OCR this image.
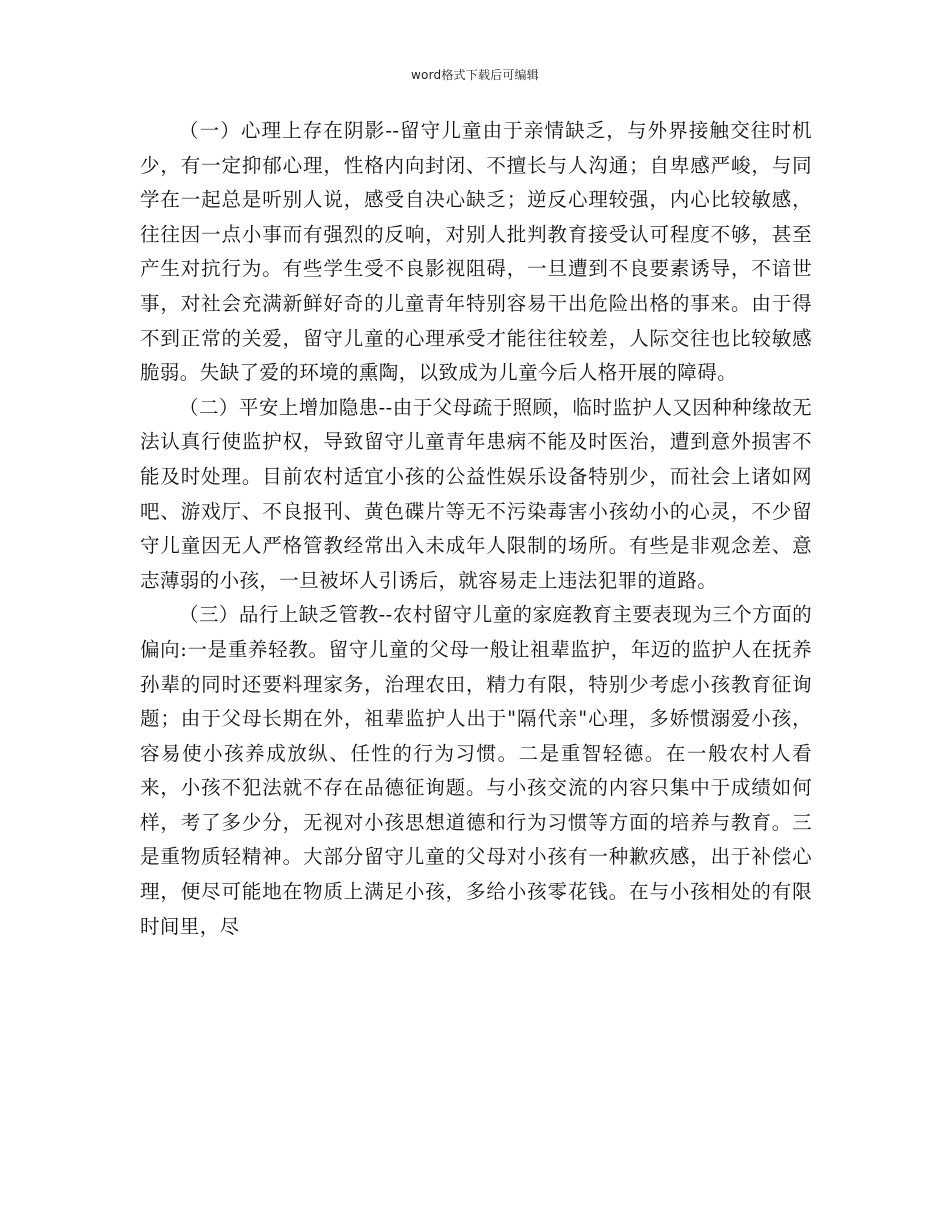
word格式下载后可编辑

（一）心理上存在阴影--留守儿童由于亲情缺乏，与外界接触交往时机少，有一定抑郁心理，性格内向封闭、不擅长与人沟通；自卑感严峻，与同学在一起总是听别人说，感受自决心缺乏；逆反心理较强，内心比较敏感，往往因一点小事而有强烈的反响，对别人批判教育接受认可程度不够，甚至产生对抗行为。有些学生受不良影视阻碍，一旦遭到不良要素诱导，不谙世事，对社会充满新鲜好奇的儿童青年特别容易干出危险出格的事来。由于得不到正常的关爱，留守儿童的心理承受才能往往较差，人际交往也比较敏感脆弱。失缺了爱的环境的熏陶，以致成为儿童今后人格开展的障碍。

（二）平安上增加隐患--由于父母疏于照顾，临时监护人又因种种缘故无法认真行使监护权，导致留守儿童青年患病不能及时医治，遭到意外损害不能及时处理。目前农村适宜小孩的公益性娱乐设备特别少，而社会上诸如网吧、游戏厅、不良报刊、黄色碟片等无不污染毒害小孩幼小的心灵，不少留守儿童因无人严格管教经常出入未成年人限制的场所。有些是非观念差、意志薄弱的小孩，一旦被坏人引诱后，就容易走上违法犯罪的道路。

（三）品行上缺乏管教--农村留守儿童的家庭教育主要表现为三个方面的偏向:一是重养轻教。留守儿童的父母一般让祖辈监护，年迈的监护人在抚养孙辈的同时还要料理家务，治理农田，精力有限，特别少考虑小孩教育征询题；由于父母长期在外，祖辈监护人出于"隔代亲"心理，多娇惯溺爱小孩，容易使小孩养成放纵、任性的行为习惯。二是重智轻德。在一般农村人看来，小孩不犯法就不存在品德征询题。与小孩交流的内容只集中于成绩如何样，考了多少分，无视对小孩思想道德和行为习惯等方面的培养与教育。三是重物质轻精神。大部分留守儿童的父母对小孩有一种歉疚感，出于补偿心理，便尽可能地在物质上满足小孩，多给小孩零花钱。在与小孩相处的有限时间里，尽
